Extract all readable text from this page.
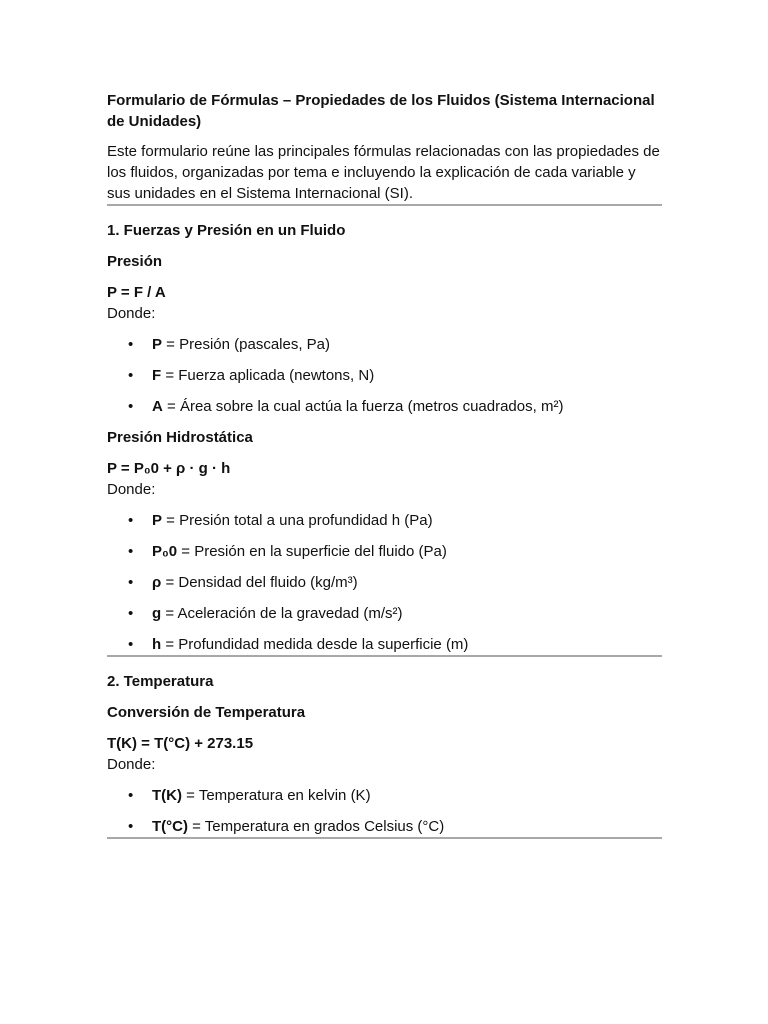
Formulario de Fórmulas – Propiedades de los Fluidos (Sistema Internacional de Unidades)

Este formulario reúne las principales fórmulas relacionadas con las propiedades de los fluidos, organizadas por tema e incluyendo la explicación de cada variable y sus unidades en el Sistema Internacional (SI).

1. Fuerzas y Presión en un Fluido

Presión

P = F / A

Donde:

• P = Presión (pascales, Pa)
• F = Fuerza aplicada (newtons, N)
• A = Área sobre la cual actúa la fuerza (metros cuadrados, m²)

Presión Hidrostática

P = P₀0 + ρ · g · h

Donde:

• P = Presión total a una profundidad h (Pa)
• P₀0 = Presión en la superficie del fluido (Pa)
• ρ = Densidad del fluido (kg/m³)
• g = Aceleración de la gravedad (m/s²)
• h = Profundidad medida desde la superficie (m)

2. Temperatura

Conversión de Temperatura

T(K) = T(°C) + 273.15

Donde:

• T(K) = Temperatura en kelvin (K)
• T(°C) = Temperatura en grados Celsius (°C)
